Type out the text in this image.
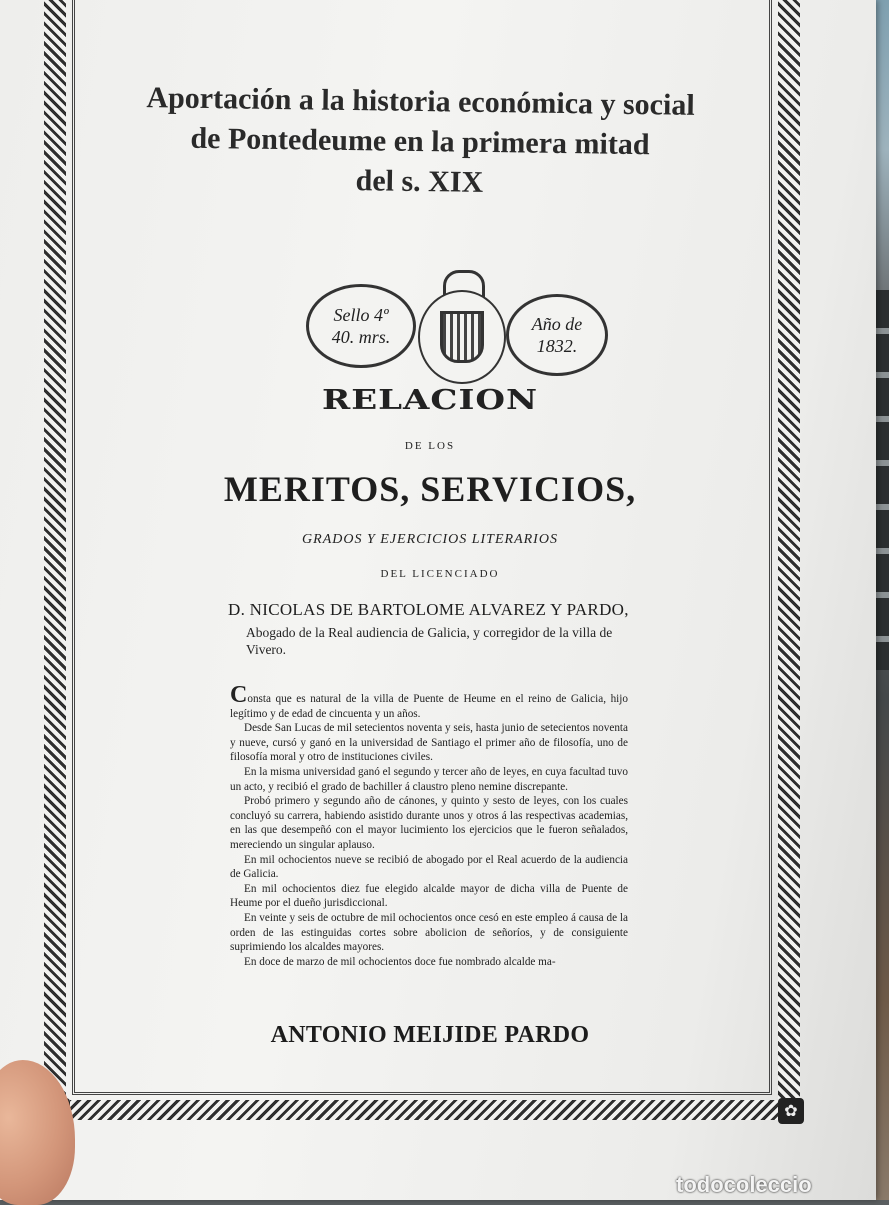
✿
Aportación a la historia económica y social
de Pontedeume en la primera mitad
del s. XIX
Sello 4º
40. mrs.
Año de
1832.
RELACION
DE LOS
MERITOS, SERVICIOS,
GRADOS Y EJERCICIOS LITERARIOS
DEL LICENCIADO
D. NICOLAS DE BARTOLOME ALVAREZ Y PARDO,
Abogado de la Real audiencia de Galicia, y corregidor de la villa de Vivero.

Consta que es natural de la villa de Puente de Heume en el reino de Galicia, hijo legítimo y de edad de cincuenta y un años.

Desde San Lucas de mil setecientos noventa y seis, hasta junio de setecientos noventa y nueve, cursó y ganó en la universidad de Santiago el primer año de filosofía, uno de filosofía moral y otro de instituciones civiles.

En la misma universidad ganó el segundo y tercer año de leyes, en cuya facultad tuvo un acto, y recibió el grado de bachiller á claustro pleno nemine discrepante.

Probó primero y segundo año de cánones, y quinto y sesto de leyes, con los cuales concluyó su carrera, habiendo asistido durante unos y otros á las respectivas academias, en las que desempeñó con el mayor lucimiento los ejercicios que le fueron señalados, mereciendo un singular aplauso.

En mil ochocientos nueve se recibió de abogado por el Real acuerdo de la audiencia de Galicia.

En mil ochocientos diez fue elegido alcalde mayor de dicha villa de Puente de Heume por el dueño jurisdiccional.

En veinte y seis de octubre de mil ochocientos once cesó en este empleo á causa de la orden de las estinguidas cortes sobre abolicion de señoríos, y de consiguiente suprimiendo los alcaldes mayores.

En doce de marzo de mil ochocientos doce fue nombrado alcalde ma-

ANTONIO MEIJIDE PARDO
todocoleccio
